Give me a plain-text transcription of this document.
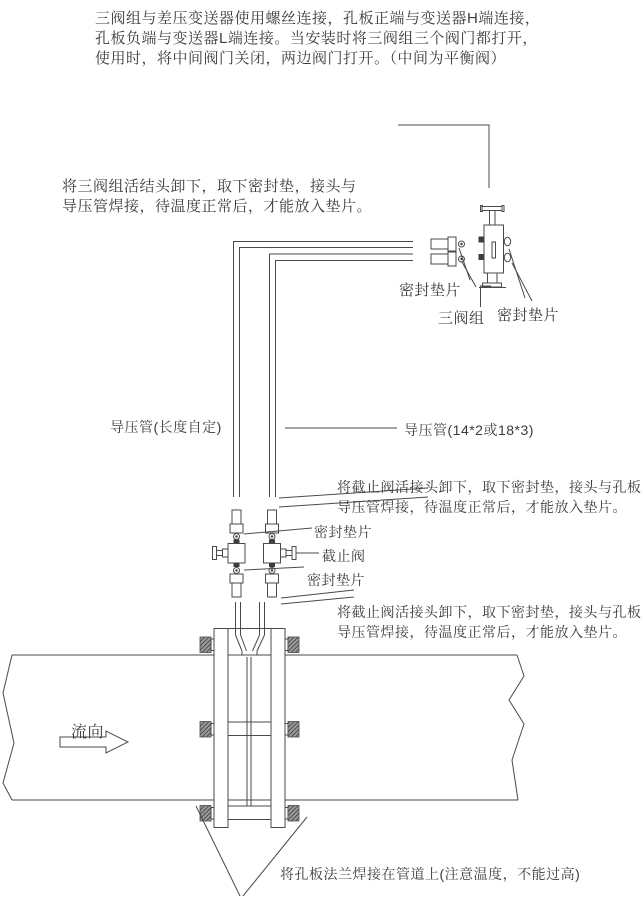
三阀组与差压变送器使用螺丝连接，孔板正端与变送器H端连接，
孔板负端与变送器L端连接。当安装时将三阀组三个阀门都打开，
使用时，将中间阀门关闭，两边阀门打开。（中间为平衡阀）
将三阀组活结头卸下，取下密封垫，接头与
导压管焊接，待温度正常后，才能放入垫片。
密封垫片
三阀组 密封垫片
导压管(长度自定)	导压管(14*2或18*3)
将截止阀活接头卸下，取下密封垫，接头与孔板
导压管焊接，待温度正常后，才能放入垫片。
密封垫片
截止阀
密封垫片
将截止阀活接头卸下，取下密封垫，接头与孔板
导压管焊接，待温度正常后，才能放入垫片。
流向
将孔板法兰焊接在管道上(注意温度，不能过高)
